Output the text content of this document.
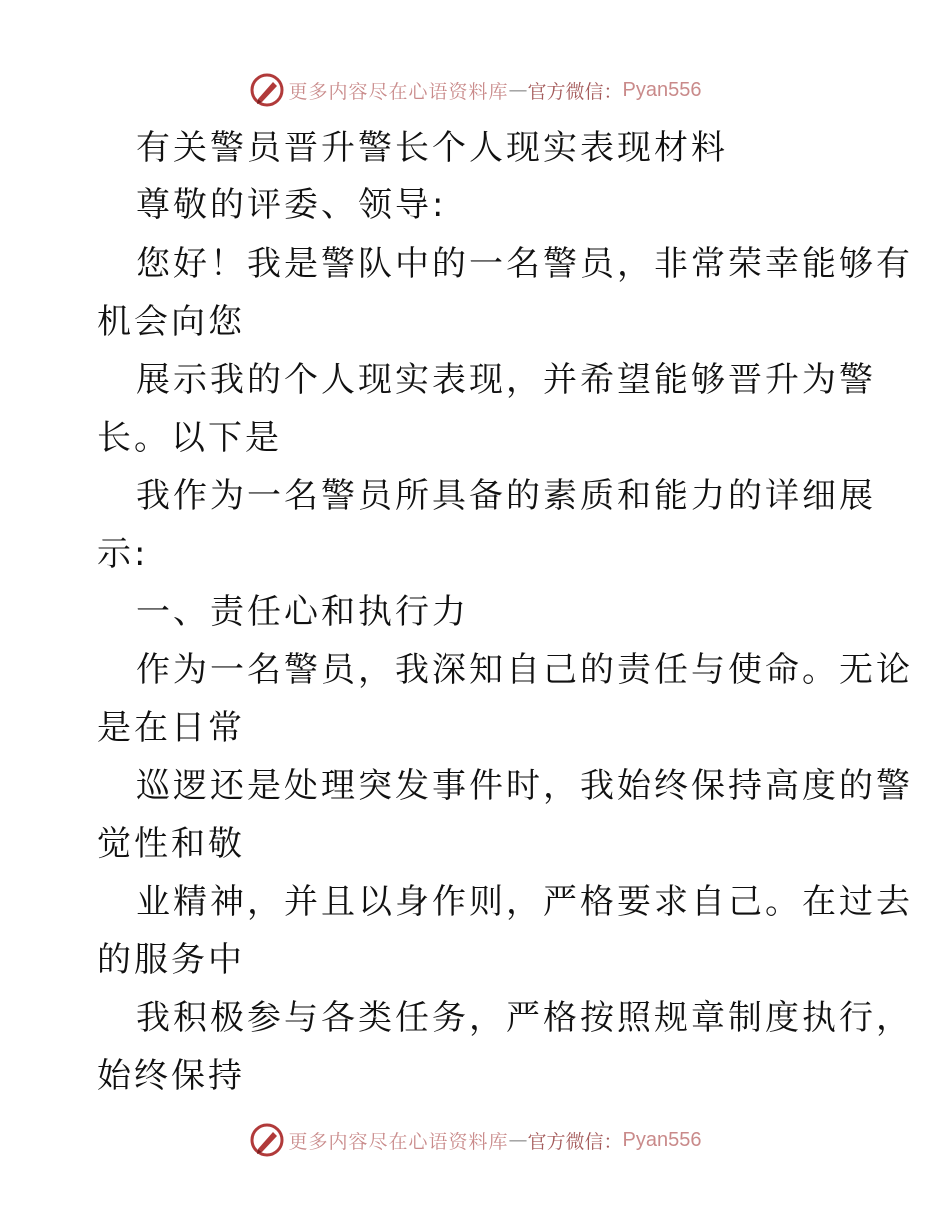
更多内容尽在心语资料库 — 官方微信： Pyan556
有关警员晋升警长个人现实表现材料
尊敬的评委、领导:
您好！我是警队中的一名警员，非常荣幸能够有
机会向您
展示我的个人现实表现，并希望能够晋升为警
长。以下是
我作为一名警员所具备的素质和能力的详细展
示:
一、责任心和执行力
作为一名警员，我深知自己的责任与使命。无论
是在日常
巡逻还是处理突发事件时，我始终保持高度的警
觉性和敬
业精神，并且以身作则，严格要求自己。在过去
的服务中
我积极参与各类任务，严格按照规章制度执行，
始终保持
更多内容尽在心语资料库 — 官方微信： Pyan556
